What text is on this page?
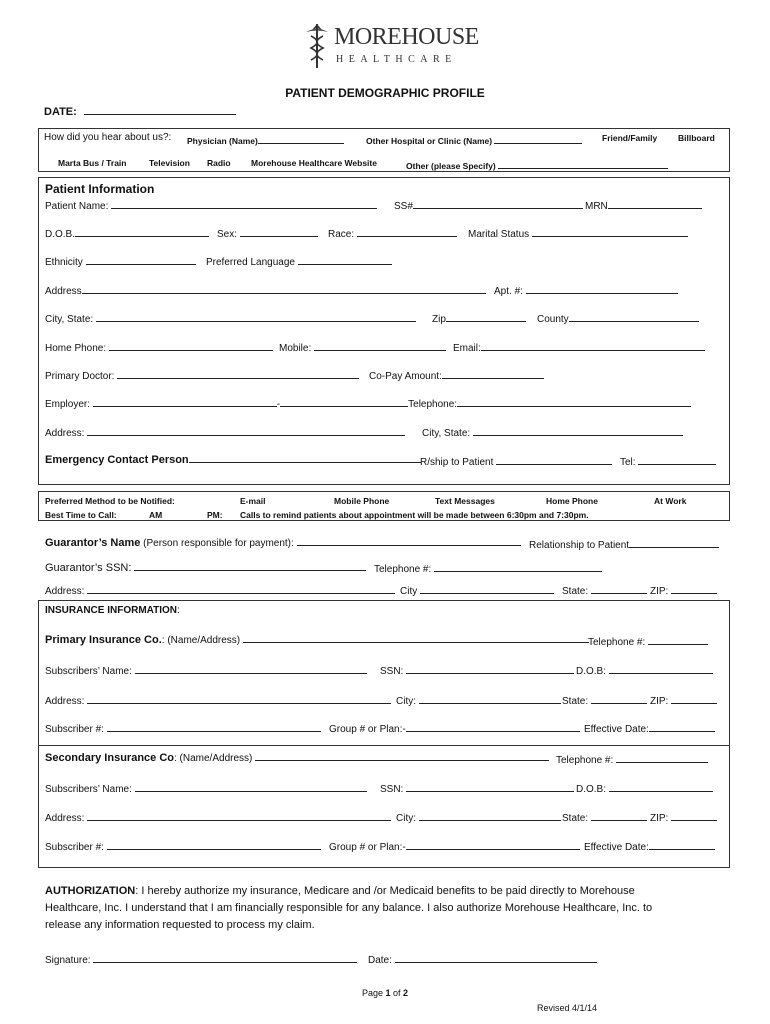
MOREHOUSE
HEALTHCARE
PATIENT DEMOGRAPHIC PROFILE
DATE:
How did you hear about us?: Physician (Name)	Other Hospital or Clinic (Name)	Friend/Family Billboard
Marta Bus / Train	Television Radio Morehouse Healthcare Website	Other (please Specify)
Patient Information
Patient Name:	SS#	MRN
D.O.B.	Sex:	Race:	Marital Status
Ethnicity	Preferred Language
Address	Apt. #:
City, State:	Zip	County
Home Phone:	Mobile:	Email:
Primary Doctor:	Co-Pay Amount:
Employer:	-	Telephone:
Address:	City, State:
Emergency Contact Person	R/ship to Patient	Tel:
Preferred Method to be Notified:	E-mail	Mobile Phone	Text Messages	Home Phone	At Work
Best Time to Call:	AM	PM: Calls to remind patients about appointment will be made between 6:30pm and 7:30pm.
Guarantor’s Name (Person responsible for payment):	Relationship to Patient
Guarantor’s SSN:	Telephone #:
Address:	City	State:	ZIP:
INSURANCE INFORMATION:
Primary Insurance Co.: (Name/Address)	Telephone #:
Subscribers’ Name:	SSN:	D.O.B:
Address:	City:	State:	ZIP:
Subscriber #:	Group # or Plan:-	Effective Date:
Secondary Insurance Co: (Name/Address)	Telephone #:
Subscribers’ Name:	SSN:	D.O.B:
Address:	City:	State:	ZIP:
Subscriber #:	Group # or Plan:-	Effective Date:
AUTHORIZATION: I hereby authorize my insurance, Medicare and /or Medicaid benefits to be paid directly to Morehouse
Healthcare, Inc. I understand that I am financially responsible for any balance. I also authorize Morehouse Healthcare, Inc. to
release any information requested to process my claim.
Signature:	Date:
Page 1 of 2
Revised 4/1/14
